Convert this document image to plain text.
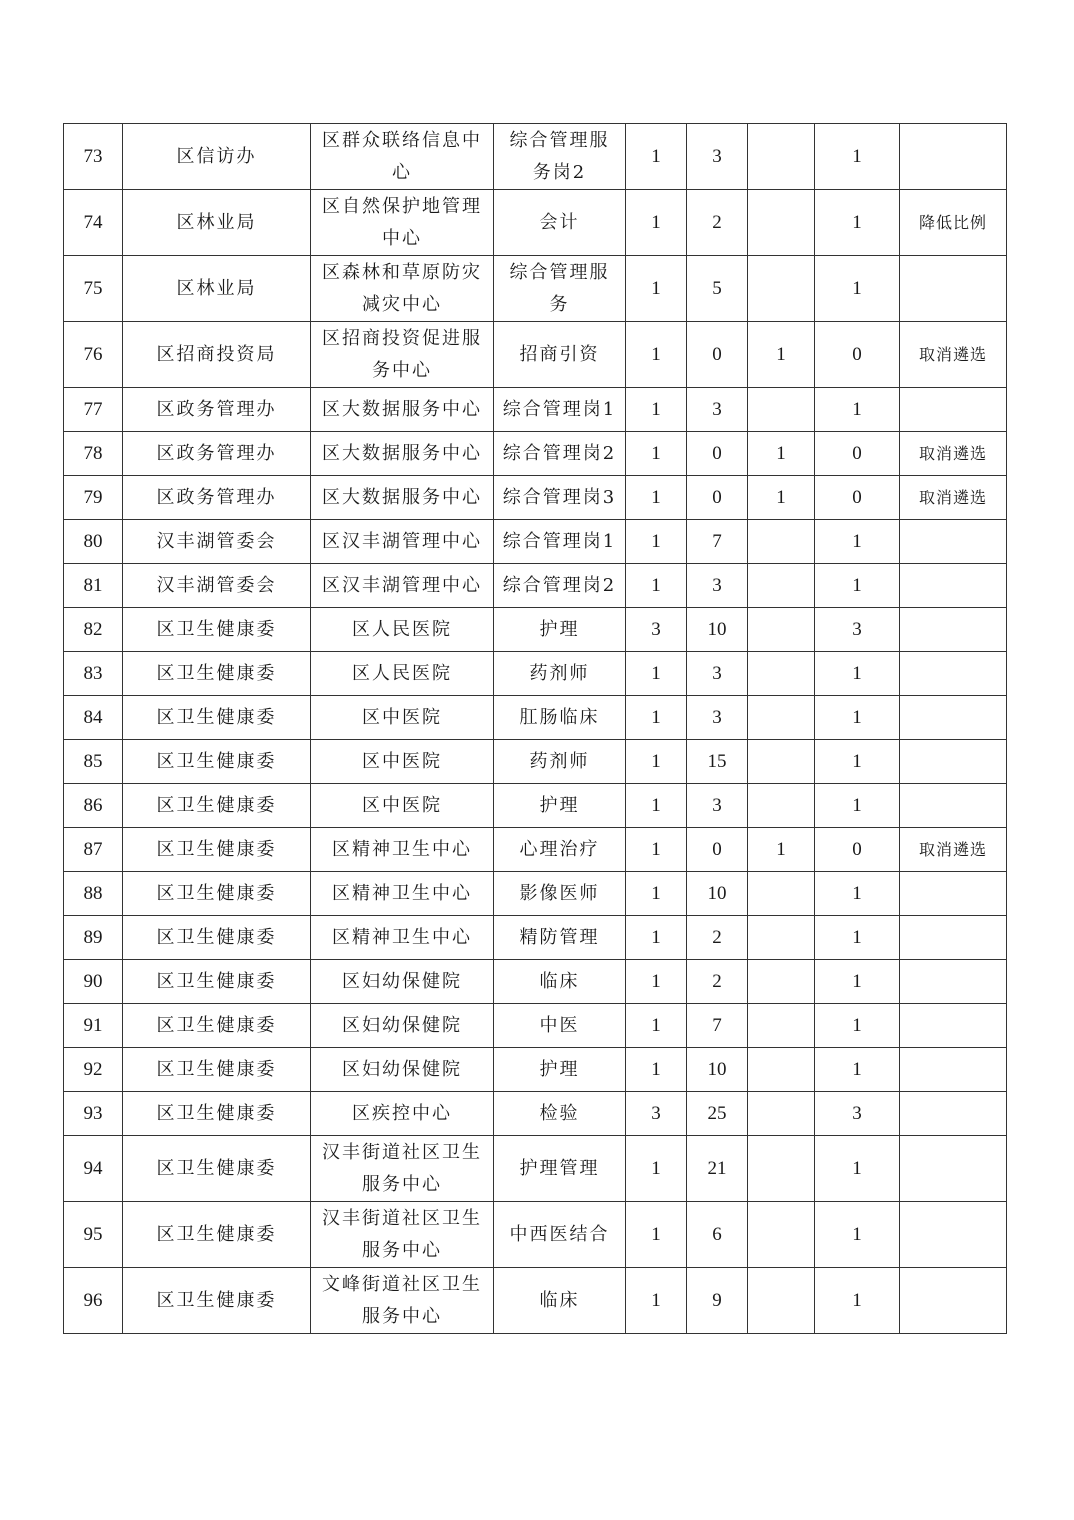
73	区信访办	区群众联络信息中心	综合管理服务岗2	1	3		1	
74	区林业局	区自然保护地管理中心	会计	1	2		1	降低比例
75	区林业局	区森林和草原防灾减灾中心	综合管理服务	1	5		1	
76	区招商投资局	区招商投资促进服务中心	招商引资	1	0	1	0	取消遴选
77	区政务管理办	区大数据服务中心	综合管理岗1	1	3		1	
78	区政务管理办	区大数据服务中心	综合管理岗2	1	0	1	0	取消遴选
79	区政务管理办	区大数据服务中心	综合管理岗3	1	0	1	0	取消遴选
80	汉丰湖管委会	区汉丰湖管理中心	综合管理岗1	1	7		1	
81	汉丰湖管委会	区汉丰湖管理中心	综合管理岗2	1	3		1	
82	区卫生健康委	区人民医院	护理	3	10		3	
83	区卫生健康委	区人民医院	药剂师	1	3		1	
84	区卫生健康委	区中医院	肛肠临床	1	3		1	
85	区卫生健康委	区中医院	药剂师	1	15		1	
86	区卫生健康委	区中医院	护理	1	3		1	
87	区卫生健康委	区精神卫生中心	心理治疗	1	0	1	0	取消遴选
88	区卫生健康委	区精神卫生中心	影像医师	1	10		1	
89	区卫生健康委	区精神卫生中心	精防管理	1	2		1	
90	区卫生健康委	区妇幼保健院	临床	1	2		1	
91	区卫生健康委	区妇幼保健院	中医	1	7		1	
92	区卫生健康委	区妇幼保健院	护理	1	10		1	
93	区卫生健康委	区疾控中心	检验	3	25		3	
94	区卫生健康委	汉丰街道社区卫生服务中心	护理管理	1	21		1	
95	区卫生健康委	汉丰街道社区卫生服务中心	中西医结合	1	6		1	
96	区卫生健康委	文峰街道社区卫生服务中心	临床	1	9		1	
